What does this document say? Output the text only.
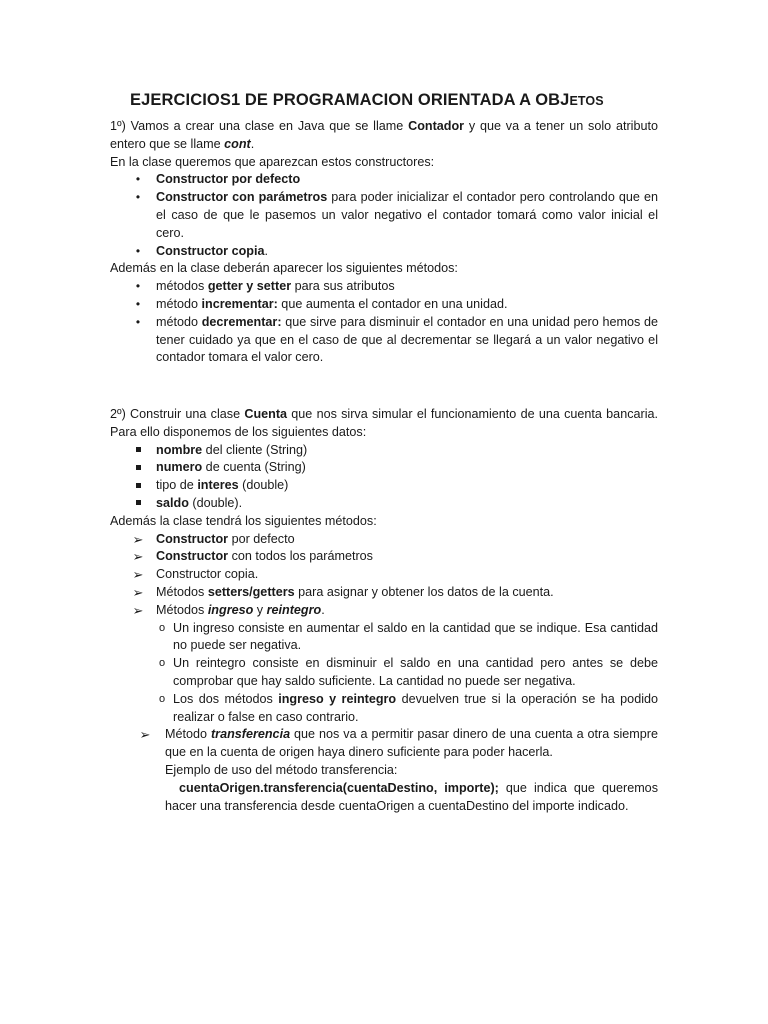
EJERCICIOS1 DE PROGRAMACION ORIENTADA A OBJETOS

1º) Vamos a crear una clase en Java que se llame Contador y que va a tener un solo atributo entero que se llame cont.

En la clase queremos que aparezcan estos constructores:

•	Constructor por defecto
•	Constructor con parámetros para poder inicializar el contador pero controlando que en el caso de que le pasemos un valor negativo el contador tomará como valor inicial el cero.
•	Constructor copia.

Además en la clase deberán aparecer los siguientes métodos:

•	métodos getter y setter para sus atributos
•	método incrementar: que aumenta el contador en una unidad.
•	método decrementar: que sirve para disminuir el contador en una unidad pero hemos de tener cuidado ya que en el caso de que al decrementar se llegará a un valor negativo el contador tomara el valor cero.

2º) Construir una clase Cuenta que nos sirva simular el funcionamiento de una cuenta bancaria. Para ello disponemos de los siguientes datos:

nombre del cliente (String)
numero de cuenta (String)
tipo de interes (double)
saldo (double).

Además la clase tendrá los siguientes métodos:

➢ Constructor por defecto
➢ Constructor con todos los parámetros
➢ Constructor copia.
➢ Métodos setters/getters para asignar y obtener los datos de la cuenta.
➢ Métodos ingreso y reintegro.
o Un ingreso consiste en aumentar el saldo en la cantidad que se indique. Esa cantidad no puede ser negativa.
o Un reintegro consiste en disminuir el saldo en una cantidad pero antes se debe comprobar que hay saldo suficiente. La cantidad no puede ser negativa.
o Los dos métodos ingreso y reintegro devuelven true si la operación se ha podido realizar o false en caso contrario.
➢ Método transferencia que nos va a permitir pasar dinero de una cuenta a otra siempre que en la cuenta de origen haya dinero suficiente para poder hacerla.
Ejemplo de uso del método transferencia:
cuentaOrigen.transferencia(cuentaDestino, importe); que indica que queremos hacer una transferencia desde cuentaOrigen a cuentaDestino del importe indicado.
